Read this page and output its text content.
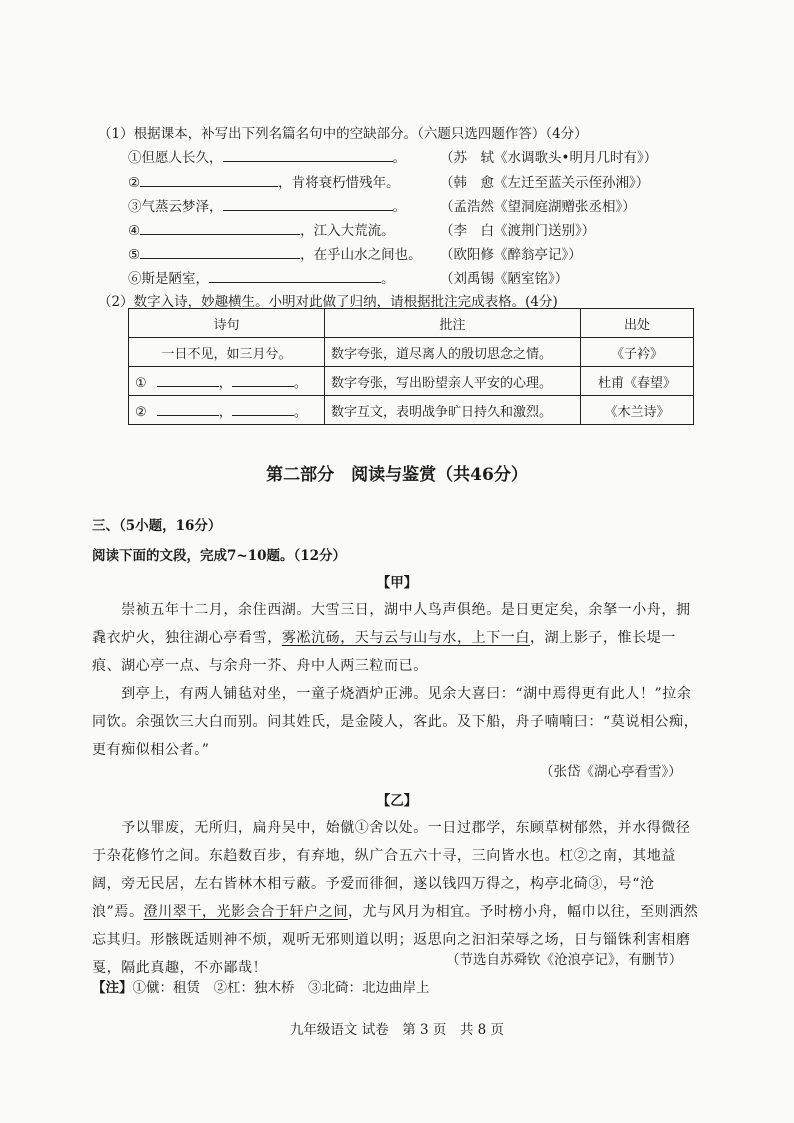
（1）根据课本，补写出下列名篇名句中的空缺部分。（六题只选四题作答）（4分）
①但愿人长久，	。	（苏　轼《水调歌头•明月几时有》）
②	，肯将衰朽惜残年。	（韩　愈《左迁至蓝关示侄孙湘》）
③气蒸云梦泽，	。	（孟浩然《望洞庭湖赠张丞相》）
④	，江入大荒流。	（李　白《渡荆门送别》）
⑤	，在乎山水之间也。 （欧阳修《醉翁亭记》）
⑥斯是陋室，	。	（刘禹锡《陋室铭》）
（2）数字入诗，妙趣横生。小明对此做了归纳，请根据批注完成表格。(4分)
诗句	批注	出处
一日不见，如三月兮。	数字夸张，道尽离人的殷切思念之情。	《子衿》
① ， 。	数字夸张，写出盼望亲人平安的心理。	杜甫《春望》
② ， 。	数字互文，表明战争旷日持久和激烈。	《木兰诗》
第二部分　阅读与鉴赏（共46分）
三、（5小题，16分）
阅读下面的文段，完成7~10题。（12分）
【甲】
　　崇祯五年十二月，余住西湖。大雪三日，湖中人鸟声俱绝。是日更定矣，余拏一小舟，拥毳衣炉火，独往湖心亭看雪，雾凇沆砀，天与云与山与水，上下一白，湖上影子，惟长堤一痕、湖心亭一点、与余舟一芥、舟中人两三粒而已。
　　到亭上，有两人铺毡对坐，一童子烧酒炉正沸。见余大喜曰：“湖中焉得更有此人！”拉余同饮。余强饮三大白而别。问其姓氏，是金陵人，客此。及下船，舟子喃喃曰：“莫说相公痴，更有痴似相公者。”
（张岱《湖心亭看雪》）
【乙】
　　予以罪废，无所归，扁舟吴中，始僦①舍以处。一日过郡学，东顾草树郁然，并水得微径于杂花修竹之间。东趋数百步，有弃地，纵广合五六十寻，三向皆水也。杠②之南，其地益阔，旁无民居，左右皆林木相亏蔽。予爱而徘徊，遂以钱四万得之，构亭北碕③，号“沧浪”焉。澄川翠干，光影会合于轩户之间，尤与风月为相宜。予时榜小舟，幅巾以往，至则洒然忘其归。形骸既适则神不烦，观听无邪则道以明；返思向之汩汩荣辱之场，日与锱铢利害相磨戛，隔此真趣，不亦鄙哉！	（节选自苏舜钦《沧浪亭记》，有删节）
【注】①僦：租赁　②杠：独木桥　③北碕：北边曲岸上
九年级语文 试卷　第 3 页　共 8 页
